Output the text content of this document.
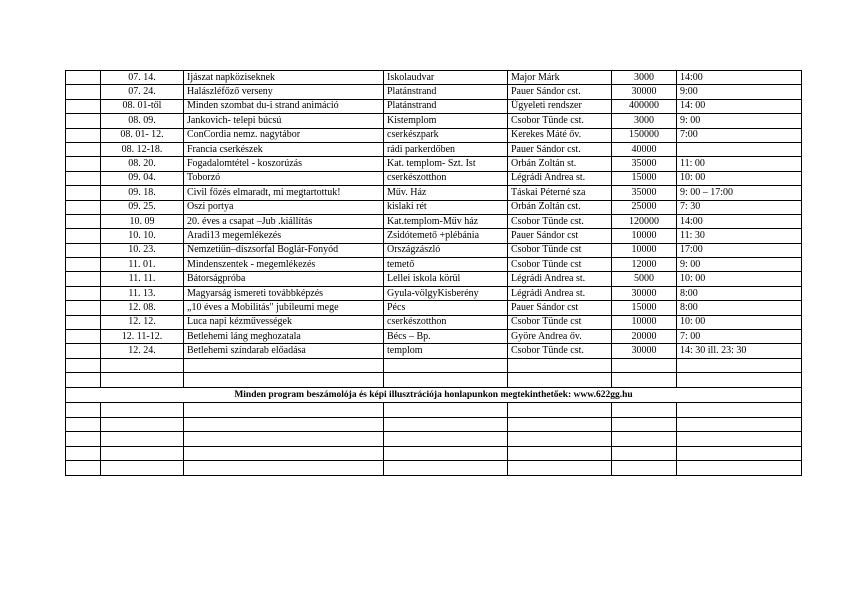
	07. 14.	Ijászat napköziseknek	Iskolaudvar	Major Márk	3000	14:00
	07. 24.	Halászléfőző verseny	Platánstrand	Pauer Sándor cst.	30000	9:00
	08. 01-től	Minden szombat du-i strand animáció	Platánstrand	Ügyeleti rendszer	400000	14: 00
	08. 09.	Jankovich- telepi búcsú	Kistemplom	Csobor Tünde cst.	3000	9: 00
	08. 01- 12.	ConCordia nemz. nagytábor	cserkészpark	Kerekes Máté őv.	150000	7:00
	08. 12-18.	Francia cserkészek	rádi parkerdőben	Pauer Sándor cst.	40000	
	08. 20.	Fogadalomtétel - koszorúzás	Kat. templom- Szt. Ist	Orbán Zoltán st.	35000	11: 00
	09. 04.	Toborzó	cserkészotthon	Légrádi Andrea st.	15000	10: 00
	09. 18.	Civil főzés elmaradt, mi megtartottuk!	Műv. Ház	Táskai Péterné sza	35000	9: 00 – 17:00
	09. 25.	Oszi portya	kislaki rét	Orbán Zoltán cst.	25000	7: 30
	10. 09	20. éves a csapat –Jub .kiállítás	Kat.templom-Műv ház	Csobor Tünde cst.	120000	14:00
	10. 10.	Aradi13 megemlékezés	Zsidótemető +plébánia	Pauer Sándor cst	10000	11: 30
	10. 23.	Nemzetiün–díszsorfal Boglár-Fonyód	Országzászló	Csobor Tünde cst	10000	17:00
	11. 01.	Mindenszentek - megemlékezés	temető	Csobor Tünde cst	12000	9: 00
	11. 11.	Bátorságpróba	Lellei iskola körül	Légrádi Andrea st.	5000	10: 00
	11. 13.	Magyarság ismereti továbbképzés	Gyula-völgyKisberény	Légrádi Andrea st.	30000	8:00
	12. 08.	„10 éves a Mobilitás" jubileumi mege	Pécs	Pauer Sándor cst	15000	8:00
	12. 12.	Luca napi kézművességek	cserkészotthon	Csobor Tünde cst	10000	10: 00
	12. 11-12.	Betlehemi láng meghozatala	Bécs – Bp.	Györe Andrea őv.	20000	7: 00
	12. 24.	Betlehemi színdarab előadása	templom	Csobor Tünde cst.	30000	14: 30 ill. 23: 30

Minden program beszámolója és képi illusztrációja honlapunkon megtekinthetőek: www.622gg.hu						
